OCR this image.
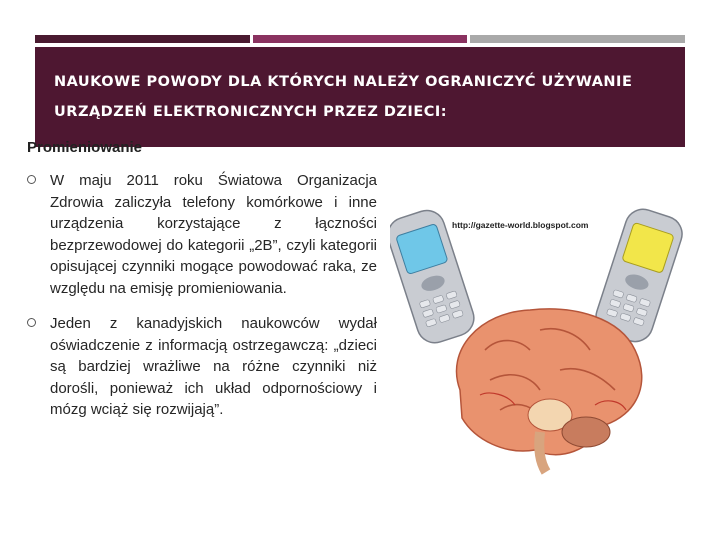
NAUKOWE POWODY DLA KTÓRYCH NALEŻY OGRANICZYĆ UŻYWANIE
URZĄDZEŃ ELEKTRONICZNYCH PRZEZ DZIECI:
Promieniowanie
W maju 2011 roku Światowa Organizacja Zdrowia zaliczyła telefony komórkowe i inne urządzenia korzystające z łączności bezprzewodowej do kategorii „2B”, czyli kategorii opisującej czynniki mogące powodować raka, ze względu na emisję promieniowania.
Jeden z kanadyjskich naukowców wydał oświadczenie z informacją ostrzegawczą: „dzieci są bardziej wrażliwe na różne czynniki niż dorośli, ponieważ ich układ odpornościowy i mózg wciąż się rozwijają”.
http://gazette-world.blogspot.com
